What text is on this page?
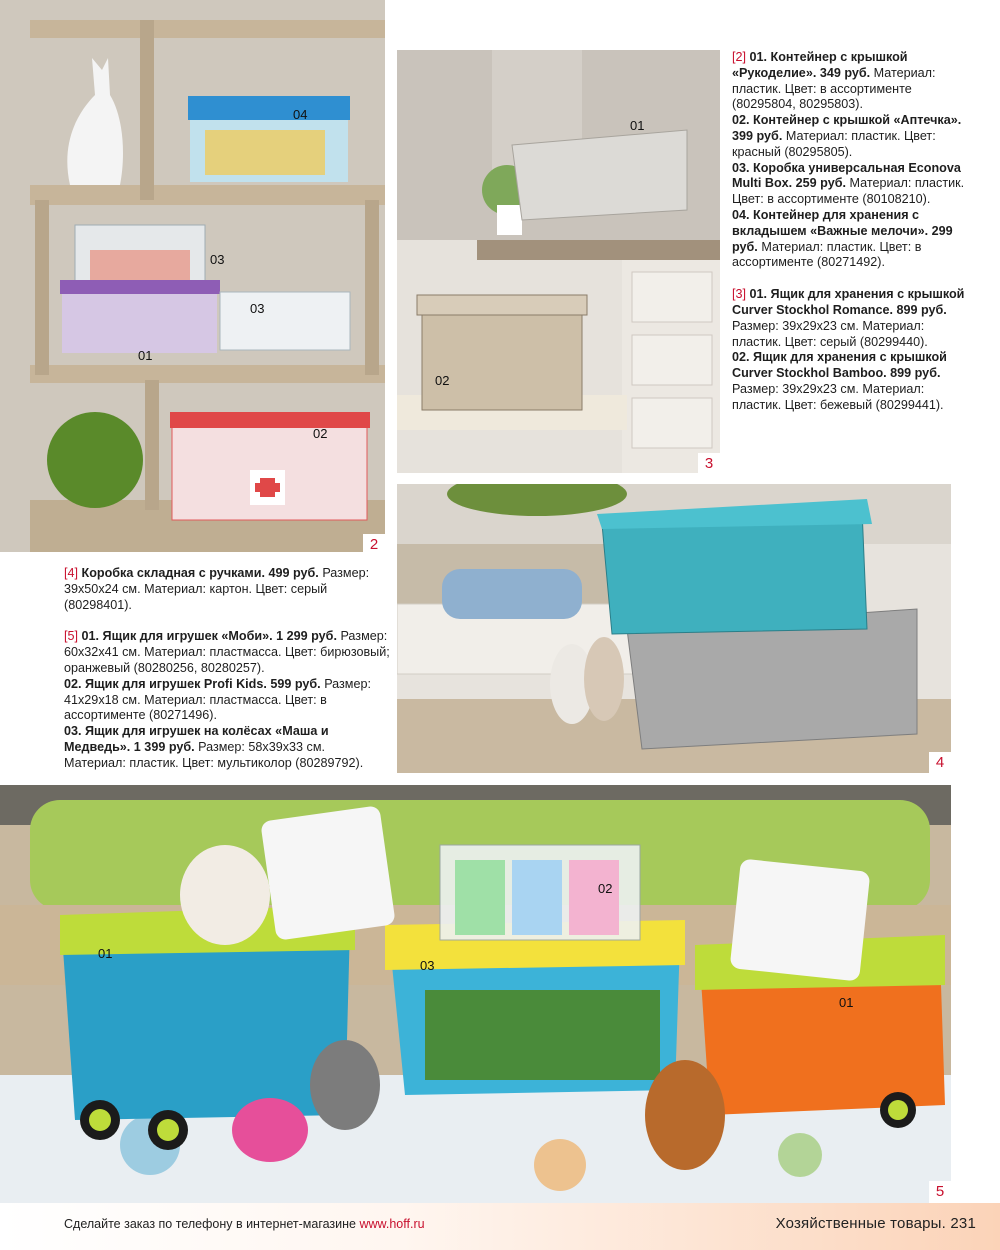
04
03
03
01
02
2
01
02
3

[2] 01. Контейнер с крышкой «Рукоделие». 349 руб. Материал: пластик. Цвет: в ассортименте (80295804, 80295803).
02. Контейнер с крышкой «Аптечка». 399 руб. Материал: пластик. Цвет: красный (80295805).
03. Коробка универсальная Econova Multi Box. 259 руб. Материал: пластик. Цвет: в ассортименте (80108210).
04. Контейнер для хранения с вкладышем «Важные мелочи». 299 руб. Материал: пластик. Цвет: в ассортименте (80271492).

[3] 01. Ящик для хранения с крышкой Curver Stockhol Romance. 899 руб. Размер: 39x29x23 см. Материал: пластик. Цвет: серый (80299440).
02. Ящик для хранения с крышкой Curver Stockhol Bamboo. 899 руб. Размер: 39x29x23 см. Материал: пластик. Цвет: бежевый (80299441).

4

[4] Коробка складная с ручками. 499 руб. Размер: 39x50x24 см. Материал: картон. Цвет: серый (80298401).

[5] 01. Ящик для игрушек «Моби». 1 299 руб. Размер: 60x32x41 см. Материал: пластмасса. Цвет: бирюзовый; оранжевый (80280256, 80280257).
02. Ящик для игрушек Profi Kids. 599 руб. Размер: 41x29x18 см. Материал: пластмасса. Цвет: в ассортименте (80271496).
03. Ящик для игрушек на колёсах «Маша и Медведь». 1 399 руб. Размер: 58x39x33 см. Материал: пластик. Цвет: мультиколор (80289792).

01
02
03
01
5
Сделайте заказ по телефону в интернет-магазине www.hoff.ru	Хозяйственные товары. 231
